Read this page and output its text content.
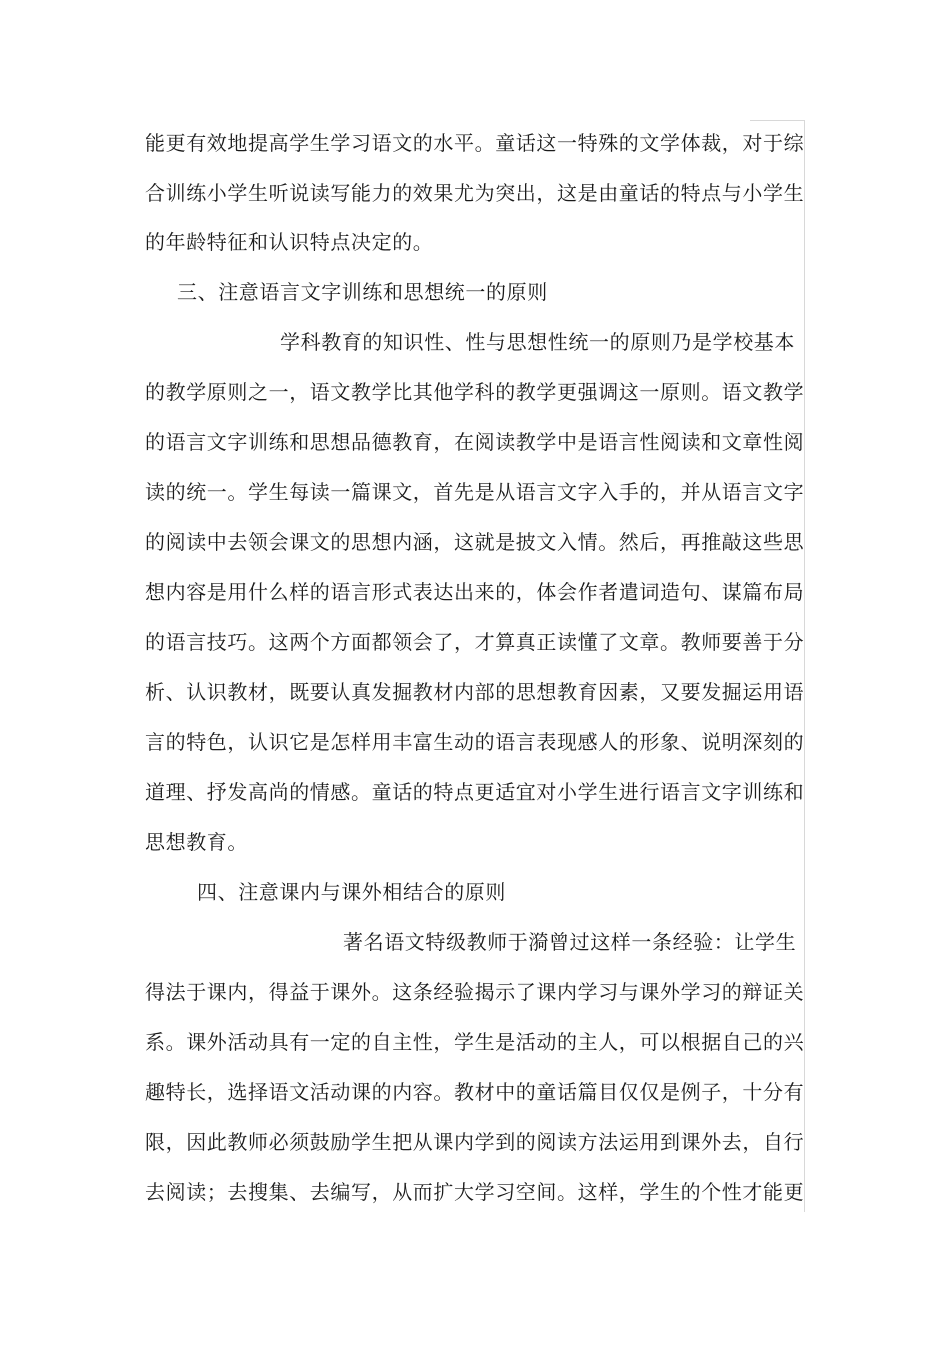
能更有效地提高学生学习语文的水平。童话这一特殊的文学体裁，对于综
合训练小学生听说读写能力的效果尤为突出，这是由童话的特点与小学生
的年龄特征和认识特点决定的。
三、注意语言文字训练和思想统一的原则
学科教育的知识性、性与思想性统一的原则乃是学校基本
的教学原则之一，语文教学比其他学科的教学更强调这一原则。语文教学
的语言文字训练和思想品德教育，在阅读教学中是语言性阅读和文章性阅
读的统一。学生每读一篇课文，首先是从语言文字入手的，并从语言文字
的阅读中去领会课文的思想内涵，这就是披文入情。然后，再推敲这些思
想内容是用什么样的语言形式表达出来的，体会作者遣词造句、谋篇布局
的语言技巧。这两个方面都领会了，才算真正读懂了文章。教师要善于分
析、认识教材，既要认真发掘教材内部的思想教育因素，又要发掘运用语
言的特色，认识它是怎样用丰富生动的语言表现感人的形象、说明深刻的
道理、抒发高尚的情感。童话的特点更适宜对小学生进行语言文字训练和
思想教育。
四、注意课内与课外相结合的原则
著名语文特级教师于漪曾过这样一条经验：让学生
得法于课内，得益于课外。这条经验揭示了课内学习与课外学习的辩证关
系。课外活动具有一定的自主性，学生是活动的主人，可以根据自己的兴
趣特长，选择语文活动课的内容。教材中的童话篇目仅仅是例子，十分有
限，因此教师必须鼓励学生把从课内学到的阅读方法运用到课外去，自行
去阅读；去搜集、去编写，从而扩大学习空间。这样，学生的个性才能更
